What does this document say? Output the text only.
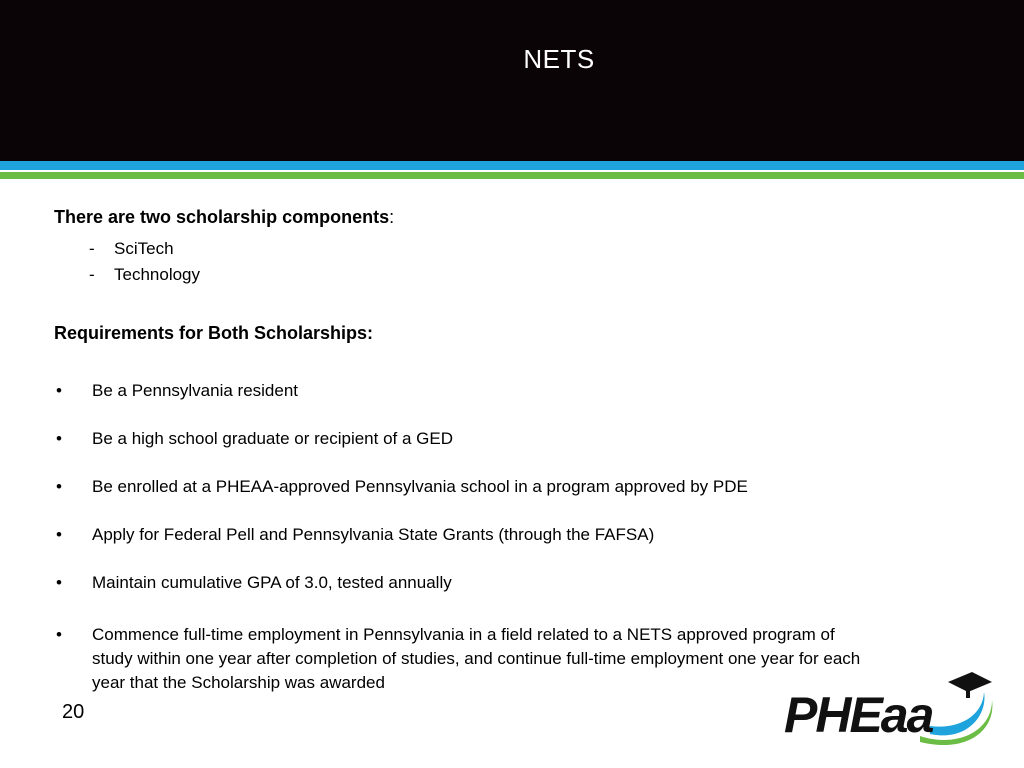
NETS
There are two scholarship components:
- SciTech
- Technology
Requirements for Both Scholarships:
• Be a Pennsylvania resident
• Be a high school graduate or recipient of a GED
• Be enrolled at a PHEAA-approved Pennsylvania school in a program approved by PDE
• Apply for Federal Pell and Pennsylvania State Grants (through the FAFSA)
• Maintain cumulative GPA of 3.0, tested annually
• Commence full-time employment in Pennsylvania in a field related to a NETS approved program of study within one year after completion of studies, and continue full-time employment one year for each year that the Scholarship was awarded
20	PHEaa
